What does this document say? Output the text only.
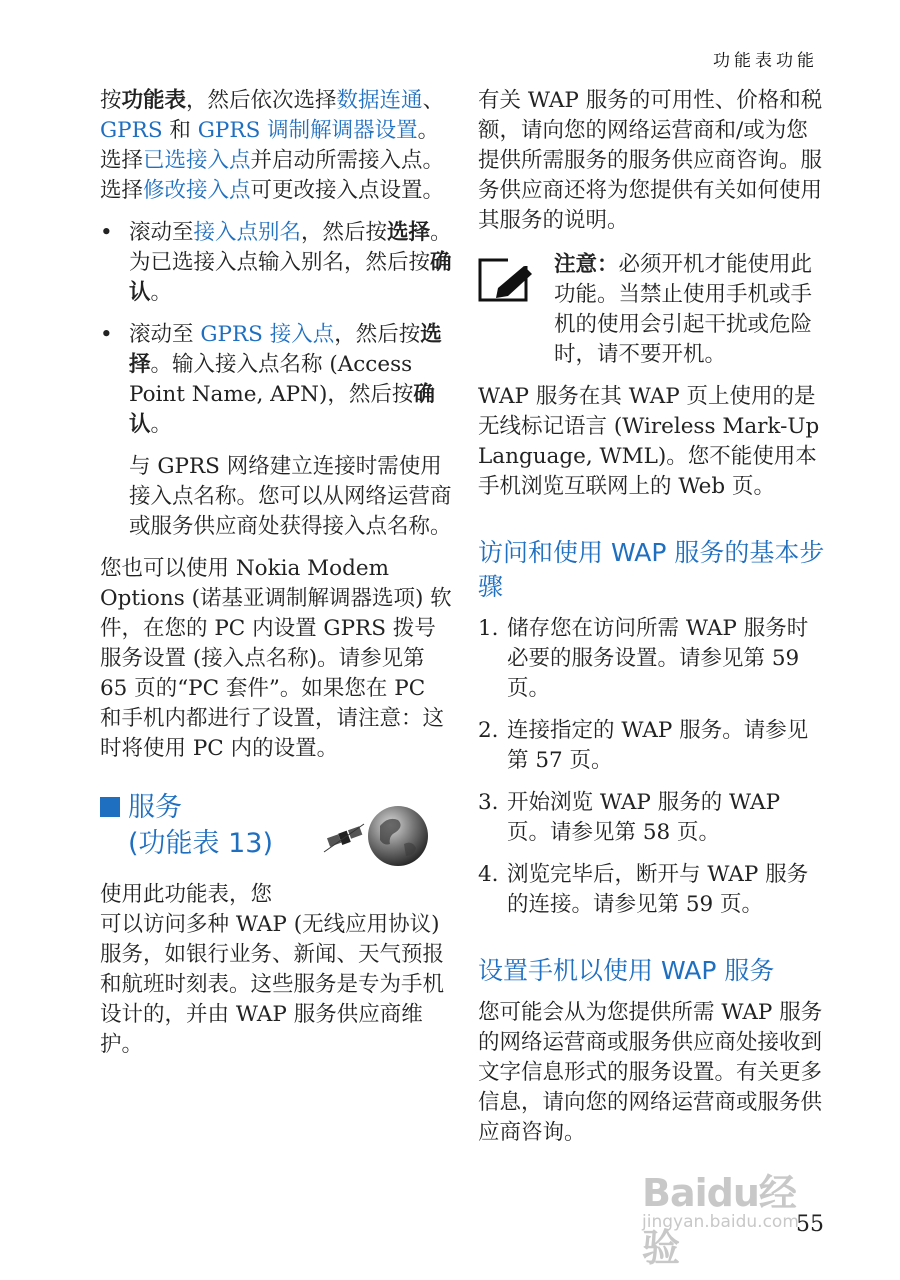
功能表功能

按功能表，然后依次选择数据连通、GPRS 和 GPRS 调制解调器设置。选择已选接入点并启动所需接入点。选择修改接入点可更改接入点设置。

• 滚动至接入点别名，然后按选择。为已选接入点输入别名，然后按确认。
• 滚动至 GPRS 接入点，然后按选择。输入接入点名称 (Access Point Name, APN)，然后按确认。

与 GPRS 网络建立连接时需使用接入点名称。您可以从网络运营商或服务供应商处获得接入点名称。

您也可以使用 Nokia Modem Options (诺基亚调制解调器选项) 软件，在您的 PC 内设置 GPRS 拨号服务设置 (接入点名称)。请参见第 65 页的“PC 套件”。如果您在 PC 和手机内都进行了设置，请注意：这时将使用 PC 内的设置。

服务
(功能表 13)

使用此功能表，您

可以访问多种 WAP (无线应用协议) 服务，如银行业务、新闻、天气预报和航班时刻表。这些服务是专为手机设计的，并由 WAP 服务供应商维护。

有关 WAP 服务的可用性、价格和税额，请向您的网络运营商和/或为您提供所需服务的服务供应商咨询。服务供应商还将为您提供有关如何使用其服务的说明。

注意：必须开机才能使用此功能。当禁止使用手机或手机的使用会引起干扰或危险时，请不要开机。

WAP 服务在其 WAP 页上使用的是无线标记语言 (Wireless Mark-Up Language, WML)。您不能使用本手机浏览互联网上的 Web 页。

访问和使用 WAP 服务的基本步骤
1. 储存您在访问所需 WAP 服务时必要的服务设置。请参见第 59 页。
2. 连接指定的 WAP 服务。请参见第 57 页。
3. 开始浏览 WAP 服务的 WAP 页。请参见第 58 页。
4. 浏览完毕后，断开与 WAP 服务的连接。请参见第 59 页。
设置手机以使用 WAP 服务

您可能会从为您提供所需 WAP 服务的网络运营商或服务供应商处接收到文字信息形式的服务设置。有关更多信息，请向您的网络运营商或服务供应商咨询。

Baidu经验
jingyan.baidu.com
55
